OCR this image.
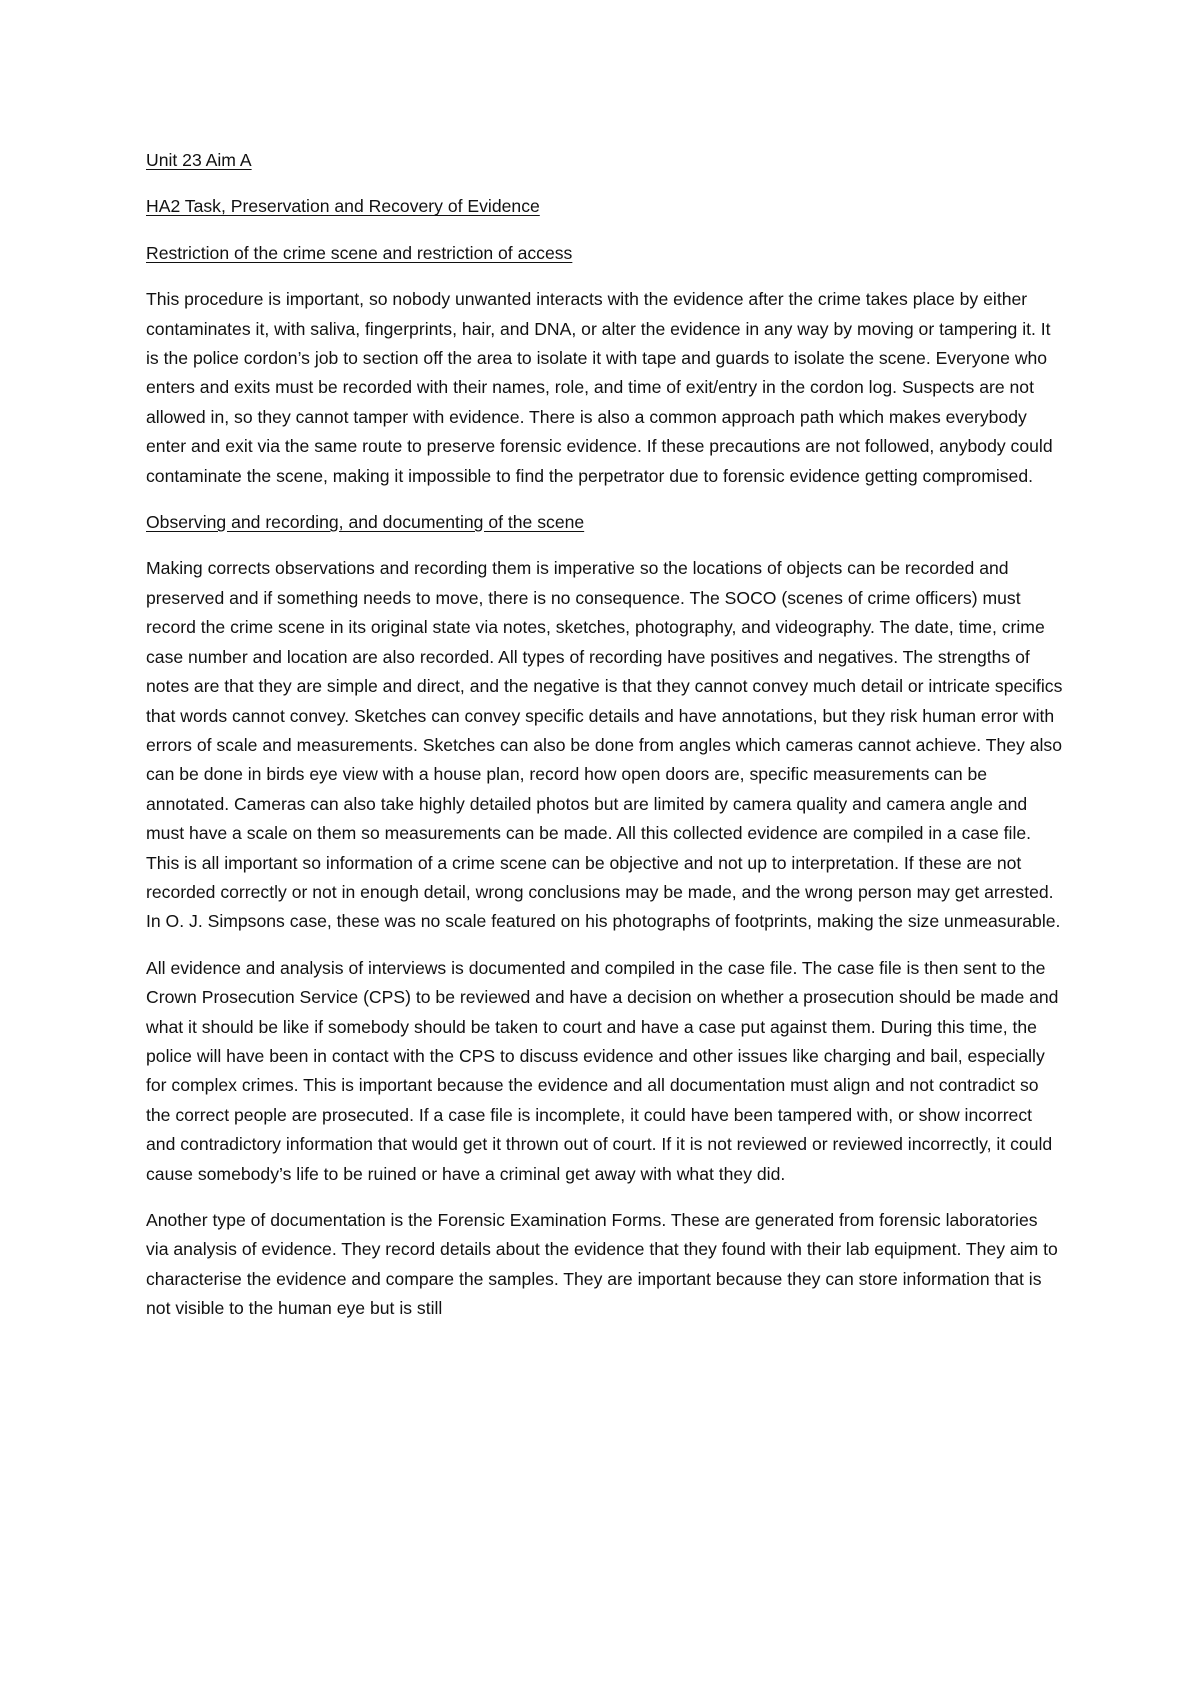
Unit 23 Aim A

HA2 Task, Preservation and Recovery of Evidence

Restriction of the crime scene and restriction of access

This procedure is important, so nobody unwanted interacts with the evidence after the crime takes place by either contaminates it, with saliva, fingerprints, hair, and DNA, or alter the evidence in any way by moving or tampering it. It is the police cordon’s job to section off the area to isolate it with tape and guards to isolate the scene. Everyone who enters and exits must be recorded with their names, role, and time of exit/entry in the cordon log. Suspects are not allowed in, so they cannot tamper with evidence. There is also a common approach path which makes everybody enter and exit via the same route to preserve forensic evidence. If these precautions are not followed, anybody could contaminate the scene, making it impossible to find the perpetrator due to forensic evidence getting compromised.

Observing and recording, and documenting of the scene

Making corrects observations and recording them is imperative so the locations of objects can be recorded and preserved and if something needs to move, there is no consequence. The SOCO (scenes of crime officers) must record the crime scene in its original state via notes, sketches, photography, and videography. The date, time, crime case number and location are also recorded. All types of recording have positives and negatives. The strengths of notes are that they are simple and direct, and the negative is that they cannot convey much detail or intricate specifics that words cannot convey. Sketches can convey specific details and have annotations, but they risk human error with errors of scale and measurements. Sketches can also be done from angles which cameras cannot achieve. They also can be done in birds eye view with a house plan, record how open doors are, specific measurements can be annotated. Cameras can also take highly detailed photos but are limited by camera quality and camera angle and must have a scale on them so measurements can be made. All this collected evidence are compiled in a case file. This is all important so information of a crime scene can be objective and not up to interpretation. If these are not recorded correctly or not in enough detail, wrong conclusions may be made, and the wrong person may get arrested. In O. J. Simpsons case, these was no scale featured on his photographs of footprints, making the size unmeasurable.

All evidence and analysis of interviews is documented and compiled in the case file. The case file is then sent to the Crown Prosecution Service (CPS) to be reviewed and have a decision on whether a prosecution should be made and what it should be like if somebody should be taken to court and have a case put against them. During this time, the police will have been in contact with the CPS to discuss evidence and other issues like charging and bail, especially for complex crimes. This is important because the evidence and all documentation must align and not contradict so the correct people are prosecuted. If a case file is incomplete, it could have been tampered with, or show incorrect and contradictory information that would get it thrown out of court. If it is not reviewed or reviewed incorrectly, it could cause somebody’s life to be ruined or have a criminal get away with what they did.

Another type of documentation is the Forensic Examination Forms. These are generated from forensic laboratories via analysis of evidence. They record details about the evidence that they found with their lab equipment. They aim to characterise the evidence and compare the samples. They are important because they can store information that is not visible to the human eye but is still
